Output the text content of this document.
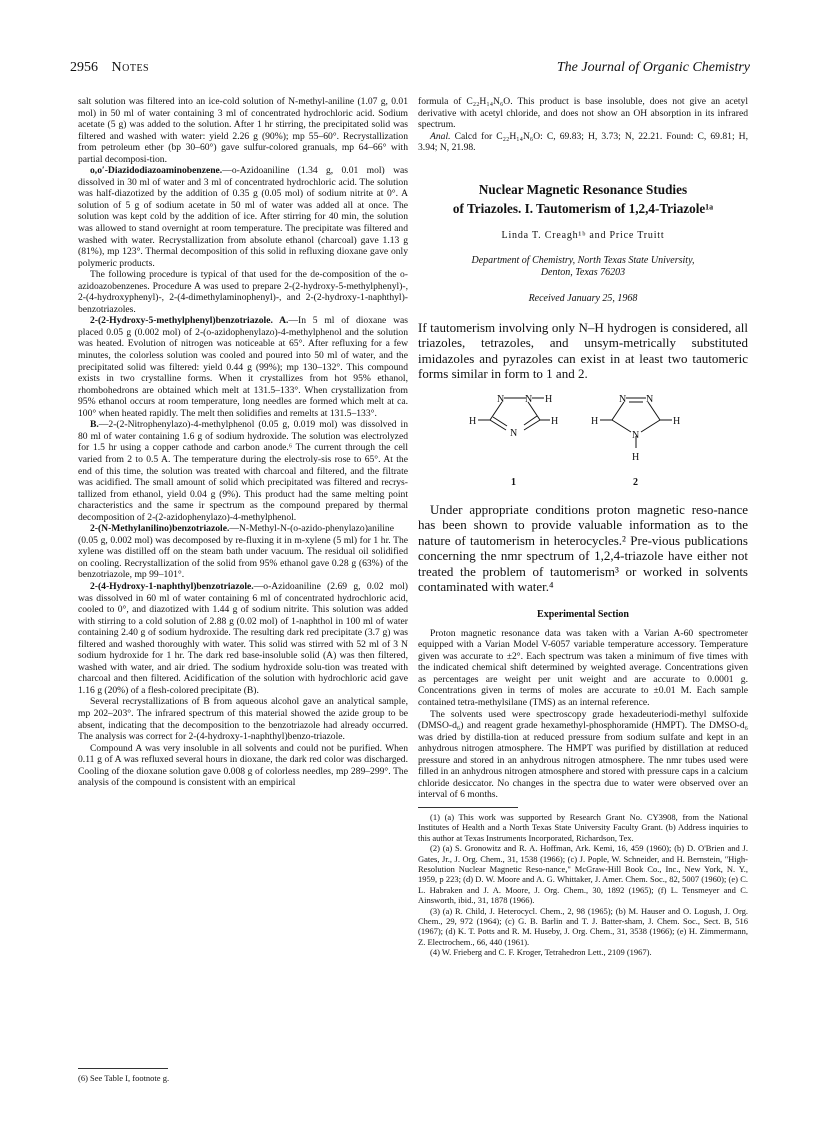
2956 Notes	The Journal of Organic Chemistry

salt solution was filtered into an ice-cold solution of N-methyl-aniline (1.07 g, 0.01 mol) in 50 ml of water containing 3 ml of concentrated hydrochloric acid. Sodium acetate (5 g) was added to the solution. After 1 hr stirring, the precipitated solid was filtered and washed with water: yield 2.26 g (90%); mp 55–60°. Recrystallization from petroleum ether (bp 30–60°) gave sulfur-colored granuals, mp 64–66° with partial decomposi-tion.

o,o′-Diazidodiazoaminobenzene.—o-Azidoaniline (1.34 g, 0.01 mol) was dissolved in 30 ml of water and 3 ml of concentrated hydrochloric acid. The solution was half-diazotized by the addition of 0.35 g (0.05 mol) of sodium nitrite at 0°. A solution of 5 g of sodium acetate in 50 ml of water was added all at once. The solution was kept cold by the addition of ice. After stirring for 40 min, the solution was allowed to stand overnight at room temperature. The precipitate was filtered and washed with water. Recrystallization from absolute ethanol (charcoal) gave 1.13 g (81%), mp 123°. Thermal decomposition of this solid in refluxing dioxane gave only polymeric products.

The following procedure is typical of that used for the de-composition of the o-azidoazobenzenes. Procedure A was used to prepare 2-(2-hydroxy-5-methylphenyl)-, 2-(4-hydroxyphenyl)-, 2-(4-dimethylaminophenyl)-, and 2-(2-hydroxy-1-naphthyl)-benzotriazoles.

2-(2-Hydroxy-5-methylphenyl)benzotriazole. A.—In 5 ml of dioxane was placed 0.05 g (0.002 mol) of 2-(o-azidophenylazo)-4-methylphenol and the solution was heated. Evolution of nitrogen was noticeable at 65°. After refluxing for a few minutes, the colorless solution was cooled and poured into 50 ml of water, and the precipitated solid was filtered: yield 0.44 g (99%); mp 130–132°. This compound exists in two crystalline forms. When it crystallizes from hot 95% ethanol, rhombohedrons are obtained which melt at 131.5–133°. When crystallization from 95% ethanol occurs at room temperature, long needles are formed which melt at ca. 100° when heated rapidly. The melt then solidifies and remelts at 131.5–133°.

B.—2-(2-Nitrophenylazo)-4-methylphenol (0.05 g, 0.019 mol) was dissolved in 80 ml of water containing 1.6 g of sodium hydroxide. The solution was electrolyzed for 1.5 hr using a copper cathode and carbon anode.⁶ The current through the cell varied from 2 to 0.5 A. The temperature during the electroly-sis rose to 65°. At the end of this time, the solution was treated with charcoal and filtered, and the filtrate was acidified. The small amount of solid which precipitated was filtered and recrys-tallized from ethanol, yield 0.04 g (9%). This product had the same melting point characteristics and the same ir spectrum as the compound prepared by thermal decomposition of 2-(2-azidophenylazo)-4-methylphenol.

2-(N-Methylanilino)benzotriazole.—N-Methyl-N-(o-azido-phenylazo)aniline (0.05 g, 0.002 mol) was decomposed by re-fluxing it in m-xylene (5 ml) for 1 hr. The xylene was distilled off on the steam bath under vacuum. The residual oil solidified on cooling. Recrystallization of the solid from 95% ethanol gave 0.28 g (63%) of the benzotriazole, mp 99–101°.

2-(4-Hydroxy-1-naphthyl)benzotriazole.—o-Azidoaniline (2.69 g, 0.02 mol) was dissolved in 60 ml of water containing 6 ml of concentrated hydrochloric acid, cooled to 0°, and diazotized with 1.44 g of sodium nitrite. This solution was added with stirring to a cold solution of 2.88 g (0.02 mol) of 1-naphthol in 100 ml of water containing 2.40 g of sodium hydroxide. The resulting dark red precipitate (3.7 g) was filtered and washed thoroughly with water. This solid was stirred with 52 ml of 3 N sodium hydroxide for 1 hr. The dark red base-insoluble solid (A) was then filtered, washed with water, and air dried. The sodium hydroxide solu-tion was treated with charcoal and then filtered. Acidification of the solution with hydrochloric acid gave 1.16 g (20%) of a flesh-colored precipitate (B).

Several recrystallizations of B from aqueous alcohol gave an analytical sample, mp 202–203°. The infrared spectrum of this material showed the azide group to be absent, indicating that the decomposition to the benzotriazole had already occurred. The analysis was correct for 2-(4-hydroxy-1-naphthyl)benzo-triazole.

Compound A was very insoluble in all solvents and could not be purified. When 0.11 g of A was refluxed several hours in dioxane, the dark red color was discharged. Cooling of the dioxane solution gave 0.008 g of colorless needles, mp 289–299°. The analysis of the compound is consistent with an empirical

(6) See Table I, footnote g.

formula of C₂₂H₁₄N₆O. This product is base insoluble, does not give an acetyl derivative with acetyl chloride, and does not show an OH absorption in its infrared spectrum.

Anal. Calcd for C₂₂H₁₄N₆O: C, 69.83; H, 3.73; N, 22.21. Found: C, 69.81; H, 3.94; N, 21.98.

Nuclear Magnetic Resonance Studies
of Triazoles. I. Tautomerism of 1,2,4-Triazole¹ᵃ
Linda T. Creagh¹ᵇ and Price Truitt
Department of Chemistry, North Texas State University,
Denton, Texas 76203
Received January 25, 1968

If tautomerism involving only N–H hydrogen is considered, all triazoles, tetrazoles, and unsym-metrically substituted imidazoles and pyrazoles can exist in at least two tautomeric forms similar in form to 1 and 2.

N N H
H
N
H
N N
H
N
H
H
1	2

Under appropriate conditions proton magnetic reso-nance has been shown to provide valuable information as to the nature of tautomerism in heterocycles.² Pre-vious publications concerning the nmr spectrum of 1,2,4-triazole have either not treated the problem of tautomerism³ or worked in solvents contaminated with water.⁴

Experimental Section

Proton magnetic resonance data was taken with a Varian A-60 spectrometer equipped with a Varian Model V-6057 variable temperature accessory. Temperature given was accurate to ±2°. Each spectrum was taken a minimum of five times with the indicated chemical shift determined by weighted average. Concentrations given as percentages are weight per unit weight and are accurate to 0.0001 g. Concentrations given in terms of moles are accurate to ±0.01 M. Each sample contained tetra-methylsilane (TMS) as an internal reference.

The solvents used were spectroscopy grade hexadeuteriodi-methyl sulfoxide (DMSO-d₆) and reagent grade hexamethyl-phosphoramide (HMPT). The DMSO-d₆ was dried by distilla-tion at reduced pressure from sodium sulfate and kept in an anhydrous nitrogen atmosphere. The HMPT was purified by distillation at reduced pressure and stored in an anhydrous nitrogen atmosphere. The nmr tubes used were filled in an anhydrous nitrogen atmosphere and stored with pressure caps in a calcium chloride desiccator. No changes in the spectra due to water were observed over an interval of 6 months.

(1) (a) This work was supported by Research Grant No. CY3908, from the National Institutes of Health and a North Texas State University Faculty Grant. (b) Address inquiries to this author at Texas Instruments Incorporated, Richardson, Tex.

(2) (a) S. Gronowitz and R. A. Hoffman, Ark. Kemi, 16, 459 (1960); (b) D. O'Brien and J. Gates, Jr., J. Org. Chem., 31, 1538 (1966); (c) J. Pople, W. Schneider, and H. Bernstein, "High-Resolution Nuclear Magnetic Reso-nance," McGraw-Hill Book Co., Inc., New York, N. Y., 1959, p 223; (d) D. W. Moore and A. G. Whittaker, J. Amer. Chem. Soc., 82, 5007 (1960); (e) C. L. Habraken and J. A. Moore, J. Org. Chem., 30, 1892 (1965); (f) L. Tensmeyer and C. Ainsworth, ibid., 31, 1878 (1966).

(3) (a) R. Child, J. Heterocycl. Chem., 2, 98 (1965); (b) M. Hauser and O. Logush, J. Org. Chem., 29, 972 (1964); (c) G. B. Barlin and T. J. Batter-sham, J. Chem. Soc., Sect. B, 516 (1967); (d) K. T. Potts and R. M. Huseby, J. Org. Chem., 31, 3538 (1966); (e) H. Zimmermann, Z. Electrochem., 66, 440 (1961).

(4) W. Frieberg and C. F. Kroger, Tetrahedron Lett., 2109 (1967).
